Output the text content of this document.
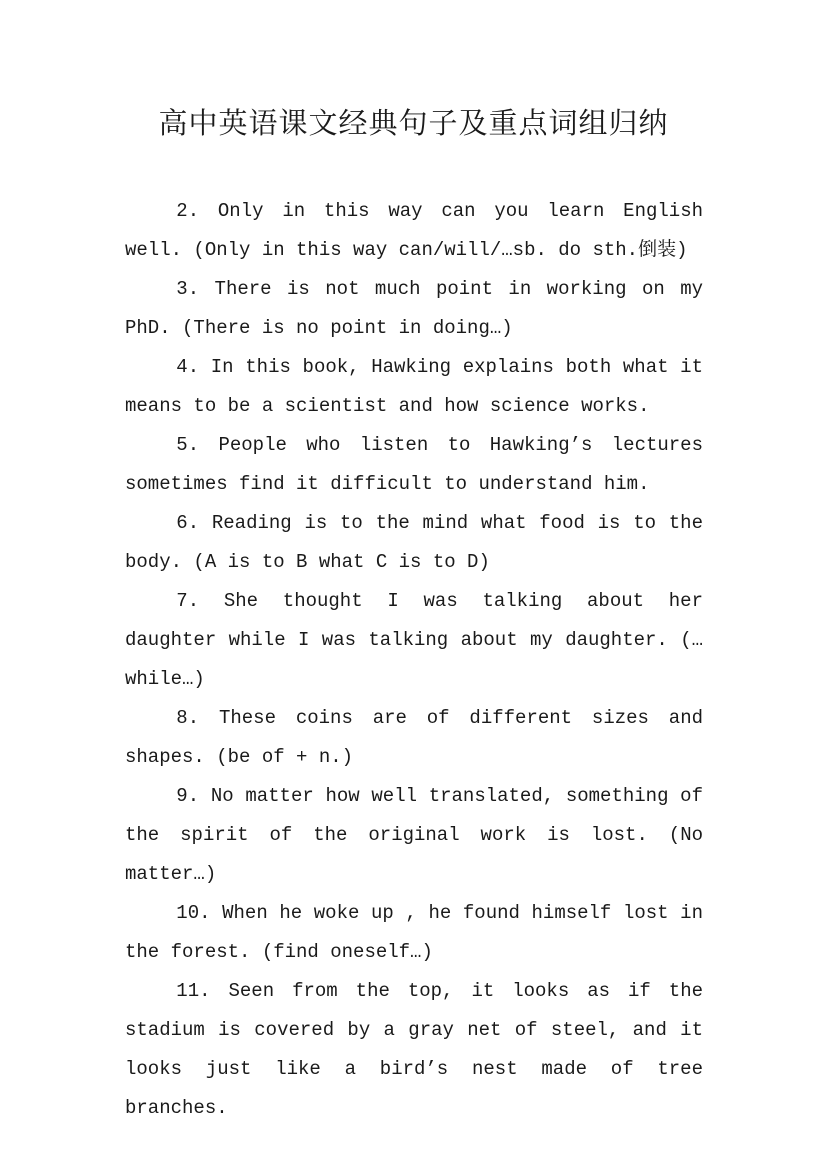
高中英语课文经典句子及重点词组归纳

2. Only in this way can you learn English well. (Only in this way can/will/…sb. do sth.倒装)

3. There is not much point in working on my PhD. (There is no point in doing…)

4. In this book, Hawking explains both what it means to be a scientist and how science works.

5. People who listen to Hawking’s lectures sometimes find it difficult to understand him.

6. Reading is to the mind what food is to the body. (A is to B what C is to D)

7. She thought I was talking about her daughter while I was talking about my daughter. (…while…)

8. These coins are of different sizes and shapes. (be of + n.)

9. No matter how well translated, something of the spirit of the original work is lost. (No matter…)

10. When he woke up , he found himself lost in the forest. (find oneself…)

11. Seen from the top, it looks as if the stadium is covered by a gray net of steel, and it looks just like a bird’s nest made of tree branches.
